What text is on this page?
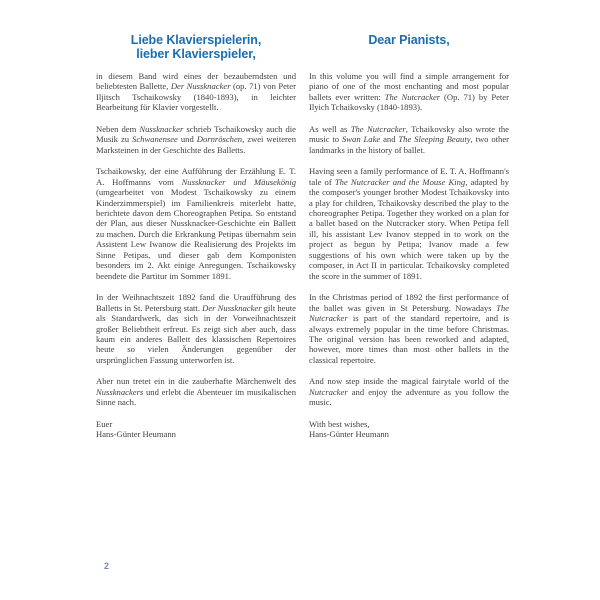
Liebe Klavierspielerin,
lieber Klavierspieler,

in diesem Band wird eines der bezauberndsten und beliebtesten Ballette, Der Nussknacker (op. 71) von Peter Iljitsch Tschaikowsky (1840-1893), in leichter Bearbeitung für Klavier vorgestellt.

Neben dem Nussknacker schrieb Tschaikowsky auch die Musik zu Schwanensee und Dornröschen, zwei weiteren Marksteinen in der Geschichte des Balletts.

Tschaikowsky, der eine Aufführung der Erzählung E. T. A. Hoffmanns vom Nussknacker und Mäusekönig (umgearbeitet von Modest Tschaikowsky zu einem Kinderzimmerspiel) im Familienkreis miterlebt hatte, berichtete davon dem Choreographen Petipa. So entstand der Plan, aus dieser Nussknacker-Geschichte ein Ballett zu machen. Durch die Erkrankung Petipas übernahm sein Assistent Lew Iwanow die Realisierung des Projekts im Sinne Petipas, und dieser gab dem Komponisten besonders im 2. Akt einige Anregungen. Tschaikowsky beendete die Partitur im Sommer 1891.

In der Weihnachtszeit 1892 fand die Uraufführung des Balletts in St. Petersburg statt. Der Nussknacker gilt heute als Standardwerk, das sich in der Vorweihnachtszeit großer Beliebtheit erfreut. Es zeigt sich aber auch, dass kaum ein anderes Ballett des klassischen Repertoires heute so vielen Änderungen gegenüber der ursprünglichen Fassung unterworfen ist.

Aber nun tretet ein in die zauberhafte Märchenwelt des Nussknackers und erlebt die Abenteuer im musikalischen Sinne nach.

Euer
Hans-Günter Heumann
Dear Pianists,

In this volume you will find a simple arrangement for piano of one of the most enchanting and most popular ballets ever written: The Nutcracker (Op. 71) by Peter Ilyich Tchaikovsky (1840-1893).

As well as The Nutcracker, Tchaikovsky also wrote the music to Swan Lake and The Sleeping Beauty, two other landmarks in the history of ballet.

Having seen a family performance of E. T. A. Hoffmann's tale of The Nutcracker and the Mouse King, adapted by the composer's younger brother Modest Tchaikovsky into a play for children, Tchaikovsky described the play to the choreographer Petipa. Together they worked on a plan for a ballet based on the Nutcracker story. When Petipa fell ill, his assistant Lev Ivanov stepped in to work on the project as begun by Petipa; Ivanov made a few suggestions of his own which were taken up by the composer, in Act II in particular. Tchaikovsky completed the score in the summer of 1891.

In the Christmas period of 1892 the first performance of the ballet was given in St Petersburg. Nowadays The Nutcracker is part of the standard repertoire, and is always extremely popular in the time before Christmas. The original version has been reworked and adapted, however, more times than most other ballets in the classical repertoire.

And now step inside the magical fairytale world of the Nutcracker and enjoy the adventure as you follow the music.

With best wishes,
Hans-Günter Heumann
2
